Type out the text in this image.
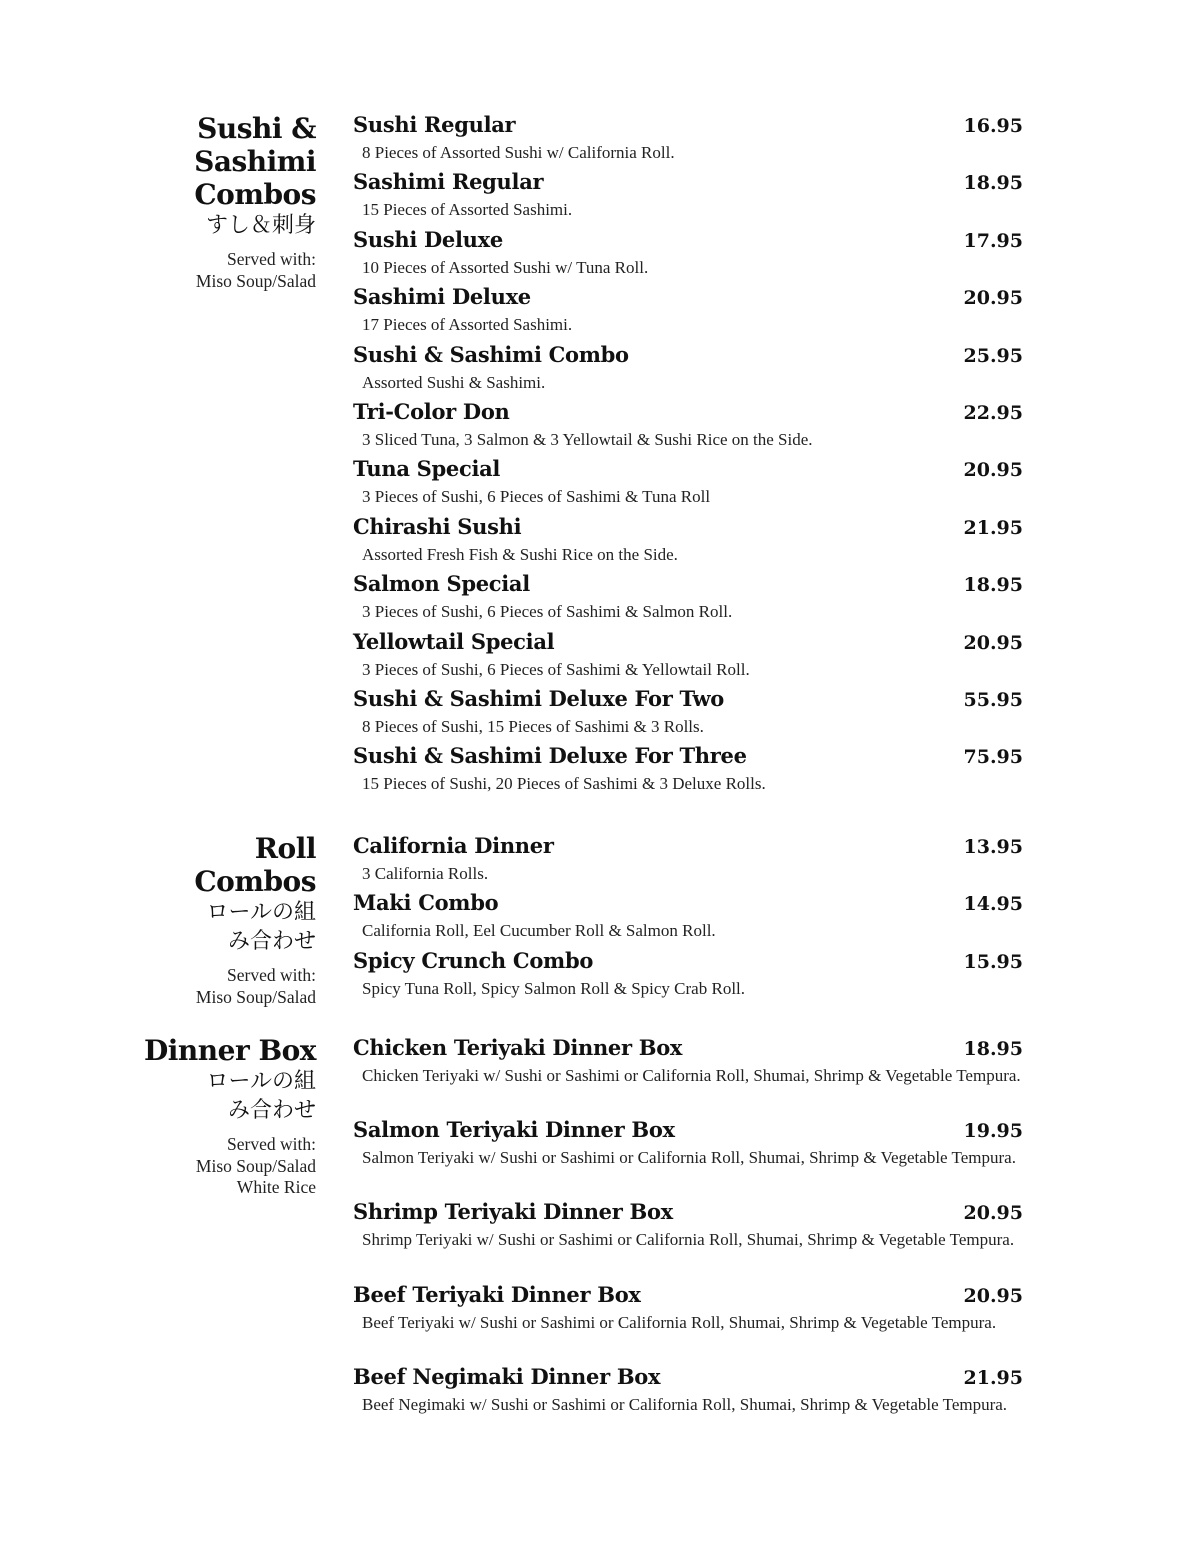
Sushi &
Sashimi
Combos
すし＆刺身
Served with:
Miso Soup/Salad
Sushi Regular	16.95
8 Pieces of Assorted Sushi w/ California Roll.
Sashimi Regular	18.95
15 Pieces of Assorted Sashimi.
Sushi Deluxe	17.95
10 Pieces of Assorted Sushi w/ Tuna Roll.
Sashimi Deluxe	20.95
17 Pieces of Assorted Sashimi.
Sushi & Sashimi Combo	25.95
Assorted Sushi & Sashimi.
Tri-Color Don	22.95
3 Sliced Tuna, 3 Salmon & 3 Yellowtail & Sushi Rice on the Side.
Tuna Special	20.95
3 Pieces of Sushi, 6 Pieces of Sashimi & Tuna Roll
Chirashi Sushi	21.95
Assorted Fresh Fish & Sushi Rice on the Side.
Salmon Special	18.95
3 Pieces of Sushi, 6 Pieces of Sashimi & Salmon Roll.
Yellowtail Special	20.95
3 Pieces of Sushi, 6 Pieces of Sashimi & Yellowtail Roll.
Sushi & Sashimi Deluxe For Two	55.95
8 Pieces of Sushi, 15 Pieces of Sashimi & 3 Rolls.
Sushi & Sashimi Deluxe For Three	75.95
15 Pieces of Sushi, 20 Pieces of Sashimi & 3 Deluxe Rolls.
Roll
Combos
ロールの組
み合わせ
Served with:
Miso Soup/Salad
California Dinner	13.95
3 California Rolls.
Maki Combo	14.95
California Roll, Eel Cucumber Roll & Salmon Roll.
Spicy Crunch Combo	15.95
Spicy Tuna Roll, Spicy Salmon Roll & Spicy Crab Roll.
Dinner Box
ロールの組
み合わせ
Served with:
Miso Soup/Salad
White Rice
Chicken Teriyaki Dinner Box	18.95
Chicken Teriyaki w/ Sushi or Sashimi or California Roll, Shumai, Shrimp & Vegetable Tempura.
Salmon Teriyaki Dinner Box	19.95
Salmon Teriyaki w/ Sushi or Sashimi or California Roll, Shumai, Shrimp & Vegetable Tempura.
Shrimp Teriyaki Dinner Box	20.95
Shrimp Teriyaki w/ Sushi or Sashimi or California Roll, Shumai, Shrimp & Vegetable Tempura.
Beef Teriyaki Dinner Box	20.95
Beef Teriyaki w/ Sushi or Sashimi or California Roll, Shumai, Shrimp & Vegetable Tempura.
Beef Negimaki Dinner Box	21.95
Beef Negimaki w/ Sushi or Sashimi or California Roll, Shumai, Shrimp & Vegetable Tempura.
